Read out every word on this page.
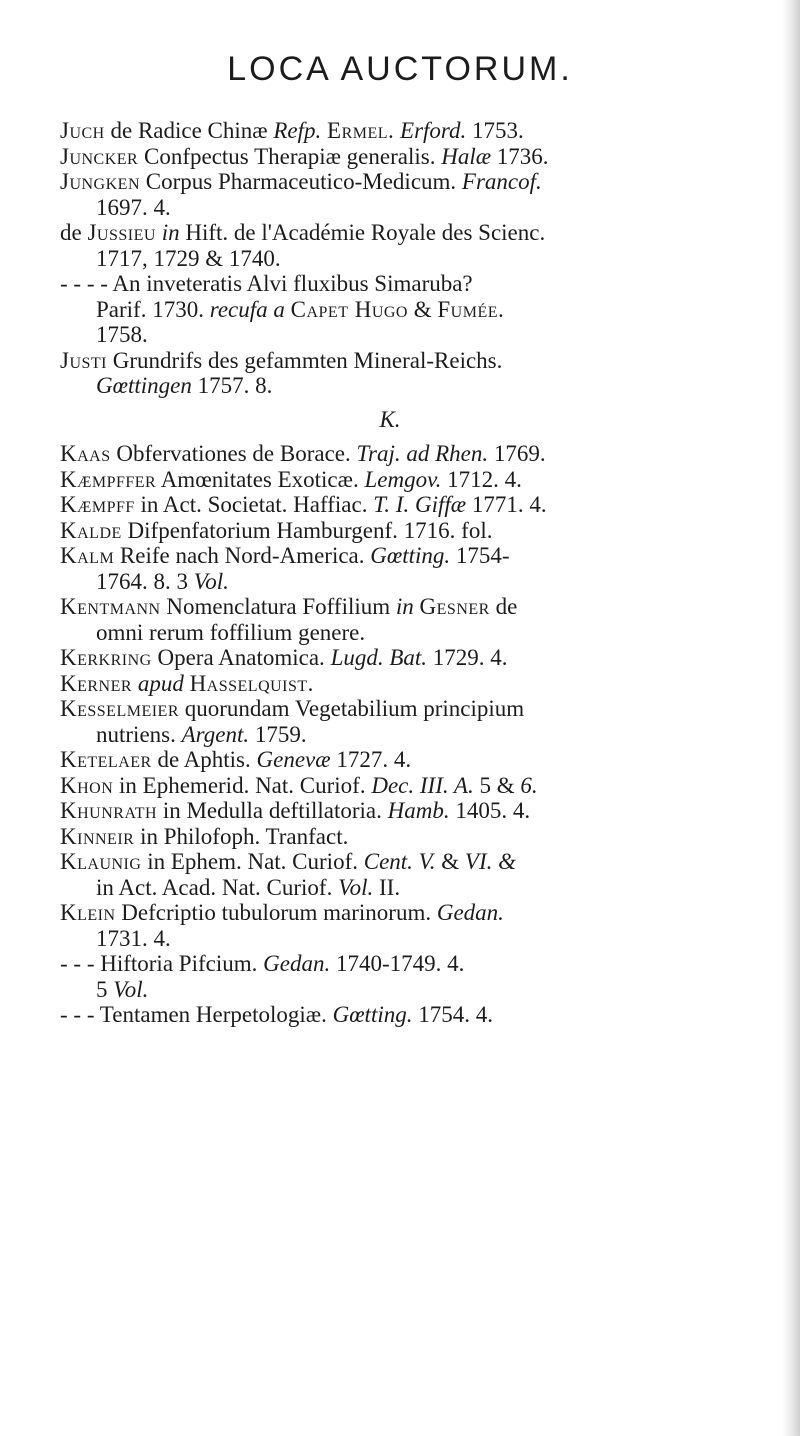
LOCA AUCTORUM.
Juch de Radice Chinæ Refp. Ermel. Erford. 1753.
Juncker Confpectus Therapiæ generalis. Halæ 1736.
Jungken Corpus Pharmaceutico-Medicum. Francof.
1697. 4.
de Jussieu in Hift. de l'Académie Royale des Scienc.
1717, 1729 & 1740.
- - - - An inveteratis Alvi fluxibus Simaruba?
Parif. 1730. recufa a Capet Hugo & Fumée.
1758.
Justi Grundrifs des gefammten Mineral-Reichs.
Gœttingen 1757. 8.
K.
Kaas Obfervationes de Borace. Traj. ad Rhen. 1769.
Kæmpffer Amœnitates Exoticæ. Lemgov. 1712. 4.
Kæmpff in Act. Societat. Haffiac. T. I. Giffæ 1771. 4.
Kalde Difpenfatorium Hamburgenf. 1716. fol.
Kalm Reife nach Nord-America. Gœtting. 1754-
1764. 8. 3 Vol.
Kentmann Nomenclatura Foffilium in Gesner de
omni rerum foffilium genere.
Kerkring Opera Anatomica. Lugd. Bat. 1729. 4.
Kerner apud Hasselquist.
Kesselmeier quorundam Vegetabilium principium
nutriens. Argent. 1759.
Ketelaer de Aphtis. Genevæ 1727. 4.
Khon in Ephemerid. Nat. Curiof. Dec. III. A. 5 & 6.
Khunrath in Medulla deftillatoria. Hamb. 1405. 4.
Kinneir in Philofoph. Tranfact.
Klaunig in Ephem. Nat. Curiof. Cent. V. & VI. &
in Act. Acad. Nat. Curiof. Vol. II.
Klein Defcriptio tubulorum marinorum. Gedan.
1731. 4.
- - - Hiftoria Pifcium. Gedan. 1740-1749. 4.
5 Vol.
- - - Tentamen Herpetologiæ. Gœtting. 1754. 4.
